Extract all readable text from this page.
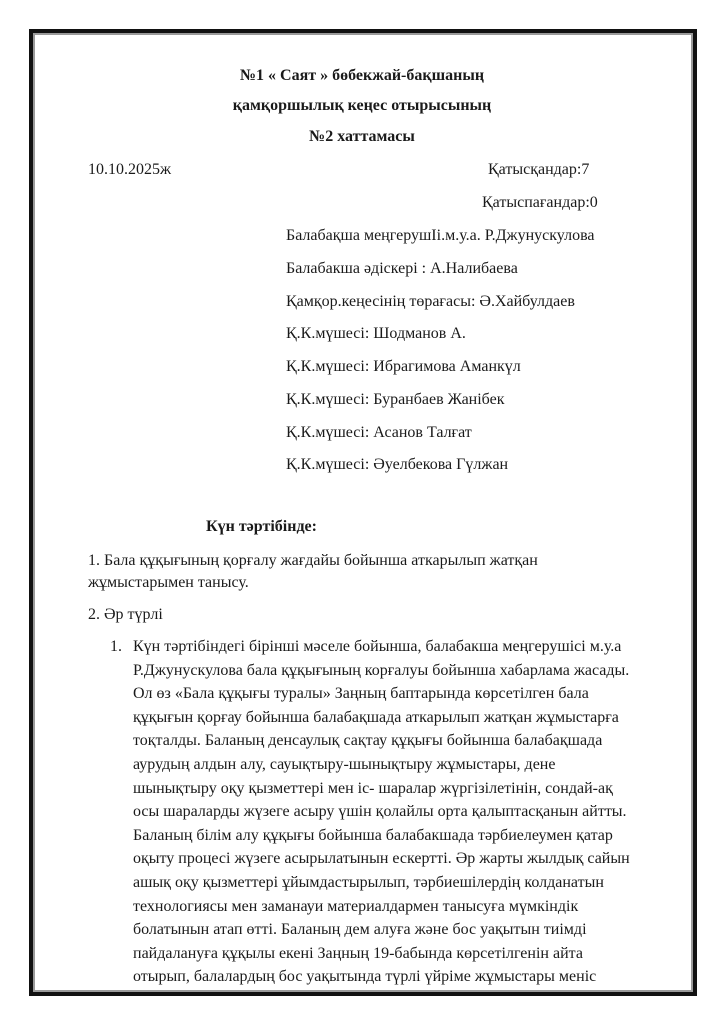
№1 « Саят » бөбекжай-бақшаның
қамқоршылық кеңес отырысының
№2 хаттамасы
10.10.2025ж	Қатысқандар:7
Қатыспағандар:0
Балабақша меңгерушІі.м.у.а. Р.Джунускулова
Балабакша әдіскері : А.Налибаева
Қамқор.кеңесінің төрағасы: Ә.Хайбулдаев
Қ.К.мүшесі: Шодманов А.
Қ.К.мүшесі: Ибрагимова Аманкүл
Қ.К.мүшесі: Буранбаев Жанібек
Қ.К.мүшесі: Асанов Талғат
Қ.К.мүшесі: Әуелбекова Гүлжан
Күн тәртібінде:
1. Бала құқығының қорғалу жағдайы бойынша аткарылып жатқан
жұмыстарымен танысу.
2. Әр түрлі
1. Күн тәртібіндегі бірінші мәселе бойынша, балабакша меңгерушісі м.у.а
Р.Джунускулова бала құқығының корғалуы бойынша хабарлама жасады.
Ол өз «Бала құқығы туралы» Заңның баптарында көрсетілген бала
құқығын қорғау бойынша балабақшада аткарылып жатқан жұмыстарға
тоқталды. Баланың денсаулық сақтау құқығы бойынша балабақшада
аурудың алдын алу, сауықтыру-шынықтыру жұмыстары, дене
шынықтыру оқу қызметтері мен іс- шаралар жүргізілетінін, сондай-ақ
осы шараларды жүзеге асыру үшін қолайлы орта қалыптасқанын айтты.
Баланың білім алу құқығы бойынша балабакшада тәрбиелеумен қатар
оқыту процесі жүзеге асырылатынын ескертті. Әр жарты жылдық сайын
ашық оқу қызметтері ұйымдастырылып, тәрбиешілердің колданатын
технологиясы мен заманауи материалдармен танысуға мүмкіндік
болатынын атап өтті. Баланың дем алуға және бос уақытын тиімді
пайдалануға құқылы екені Заңның 19-бабында көрсетілгенін айта
отырып, балалардың бос уақытында түрлі үйріме жұмыстары меніс
